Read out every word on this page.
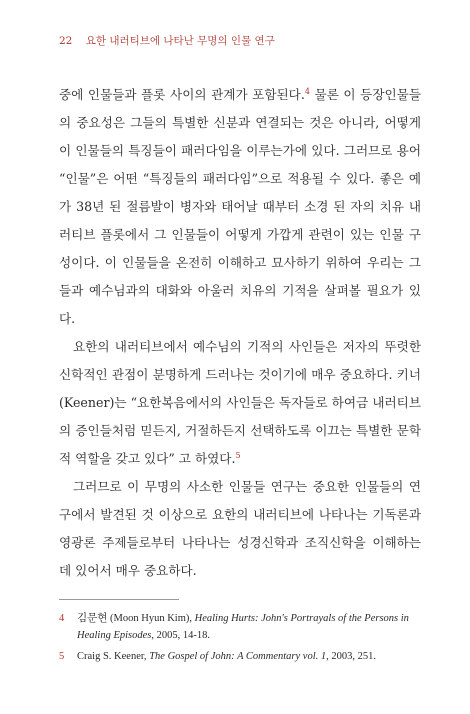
22 요한 내러티브에 나타난 무명의 인물 연구

중에 인물들과 플롯 사이의 관계가 포함된다.$^4$ 물론 이 등장인물들의 중요성은 그들의 특별한 신분과 연결되는 것은 아니라, 어떻게 이 인물들의 특징들이 패러다임을 이루는가에 있다. 그러므로 용어 “인물”은 어떤 “특징들의 패러다임”으로 적용될 수 있다. 좋은 예가 38년 된 절름발이 병자와 태어날 때부터 소경 된 자의 치유 내러티브 플롯에서 그 인물들이 어떻게 가깝게 관련이 있는 인물 구성이다. 이 인물들을 온전히 이해하고 묘사하기 위하여 우리는 그들과 예수님과의 대화와 아울러 치유의 기적을 살펴볼 필요가 있다.

요한의 내러티브에서 예수님의 기적의 사인들은 저자의 뚜렷한 신학적인 관점이 분명하게 드러나는 것이기에 매우 중요하다. 키너(Keener)는 “요한복음에서의 사인들은 독자들로 하여금 내러티브의 증인들처럼 믿든지, 거절하든지 선택하도록 이끄는 특별한 문학적 역할을 갖고 있다” 고 하였다.$^5$

그러므로 이 무명의 사소한 인물들 연구는 중요한 인물들의 연구에서 발견된 것 이상으로 요한의 내러티브에 나타나는 기독론과 영광론 주제들로부터 나타나는 성경신학과 조직신학을 이해하는 데 있어서 매우 중요하다.

4	김문현 (Moon Hyun Kim), Healing Hurts: John's Portrayals of the Persons in Healing Episodes, 2005, 14-18.
5	Craig S. Keener, The Gospel of John: A Commentary vol. 1, 2003, 251.
